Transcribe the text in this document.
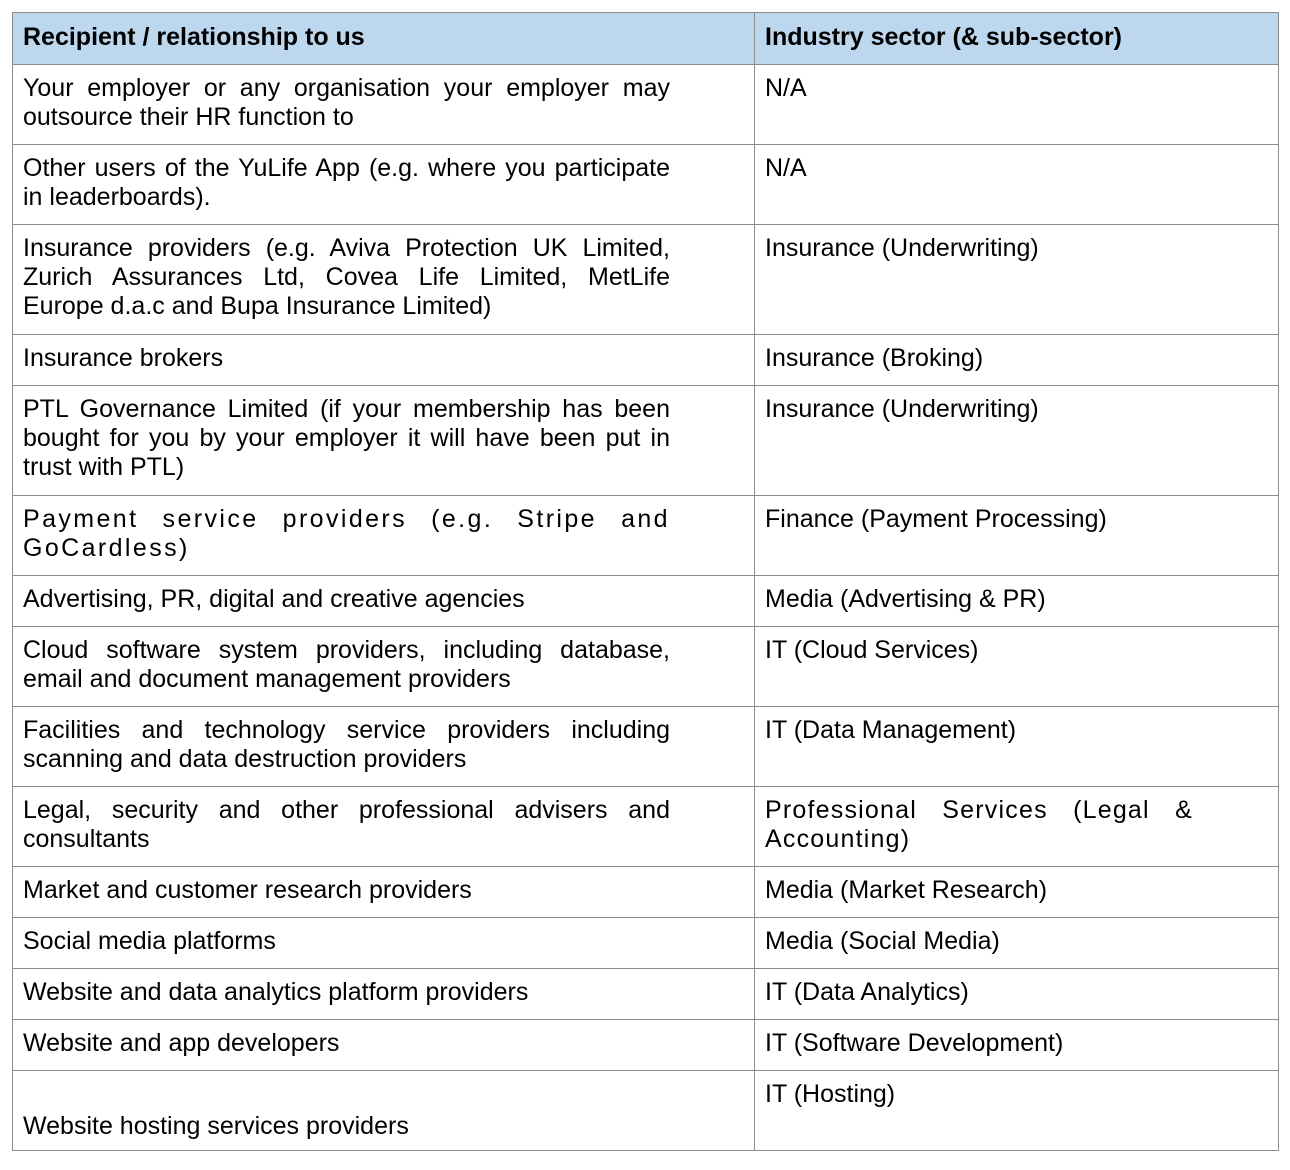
Recipient / relationship to us	Industry sector (& sub-sector)

Your employer or any organisation your employer may outsource their HR function to	N/A

Other users of the YuLife App (e.g. where you participate in leaderboards).	N/A

Insurance providers (e.g. Aviva Protection UK Limited, Zurich Assurances Ltd, Covea Life Limited, MetLife Europe d.a.c and Bupa Insurance Limited)	Insurance (Underwriting)

Insurance brokers	Insurance (Broking)

PTL Governance Limited (if your membership has been bought for you by your employer it will have been put in trust with PTL)	Insurance (Underwriting)

Payment service providers (e.g. Stripe and GoCardless)	Finance (Payment Processing)

Advertising, PR, digital and creative agencies	Media (Advertising & PR)

Cloud software system providers, including database, email and document management providers	IT (Cloud Services)

Facilities and technology service providers including scanning and data destruction providers	IT (Data Management)

Legal, security and other professional advisers and consultants	Professional Services (Legal & Accounting)

Market and customer research providers	Media (Market Research)

Social media platforms	Media (Social Media)

Website and data analytics platform providers	IT (Data Analytics)

Website and app developers	IT (Software Development)

Website hosting services providers	IT (Hosting)
